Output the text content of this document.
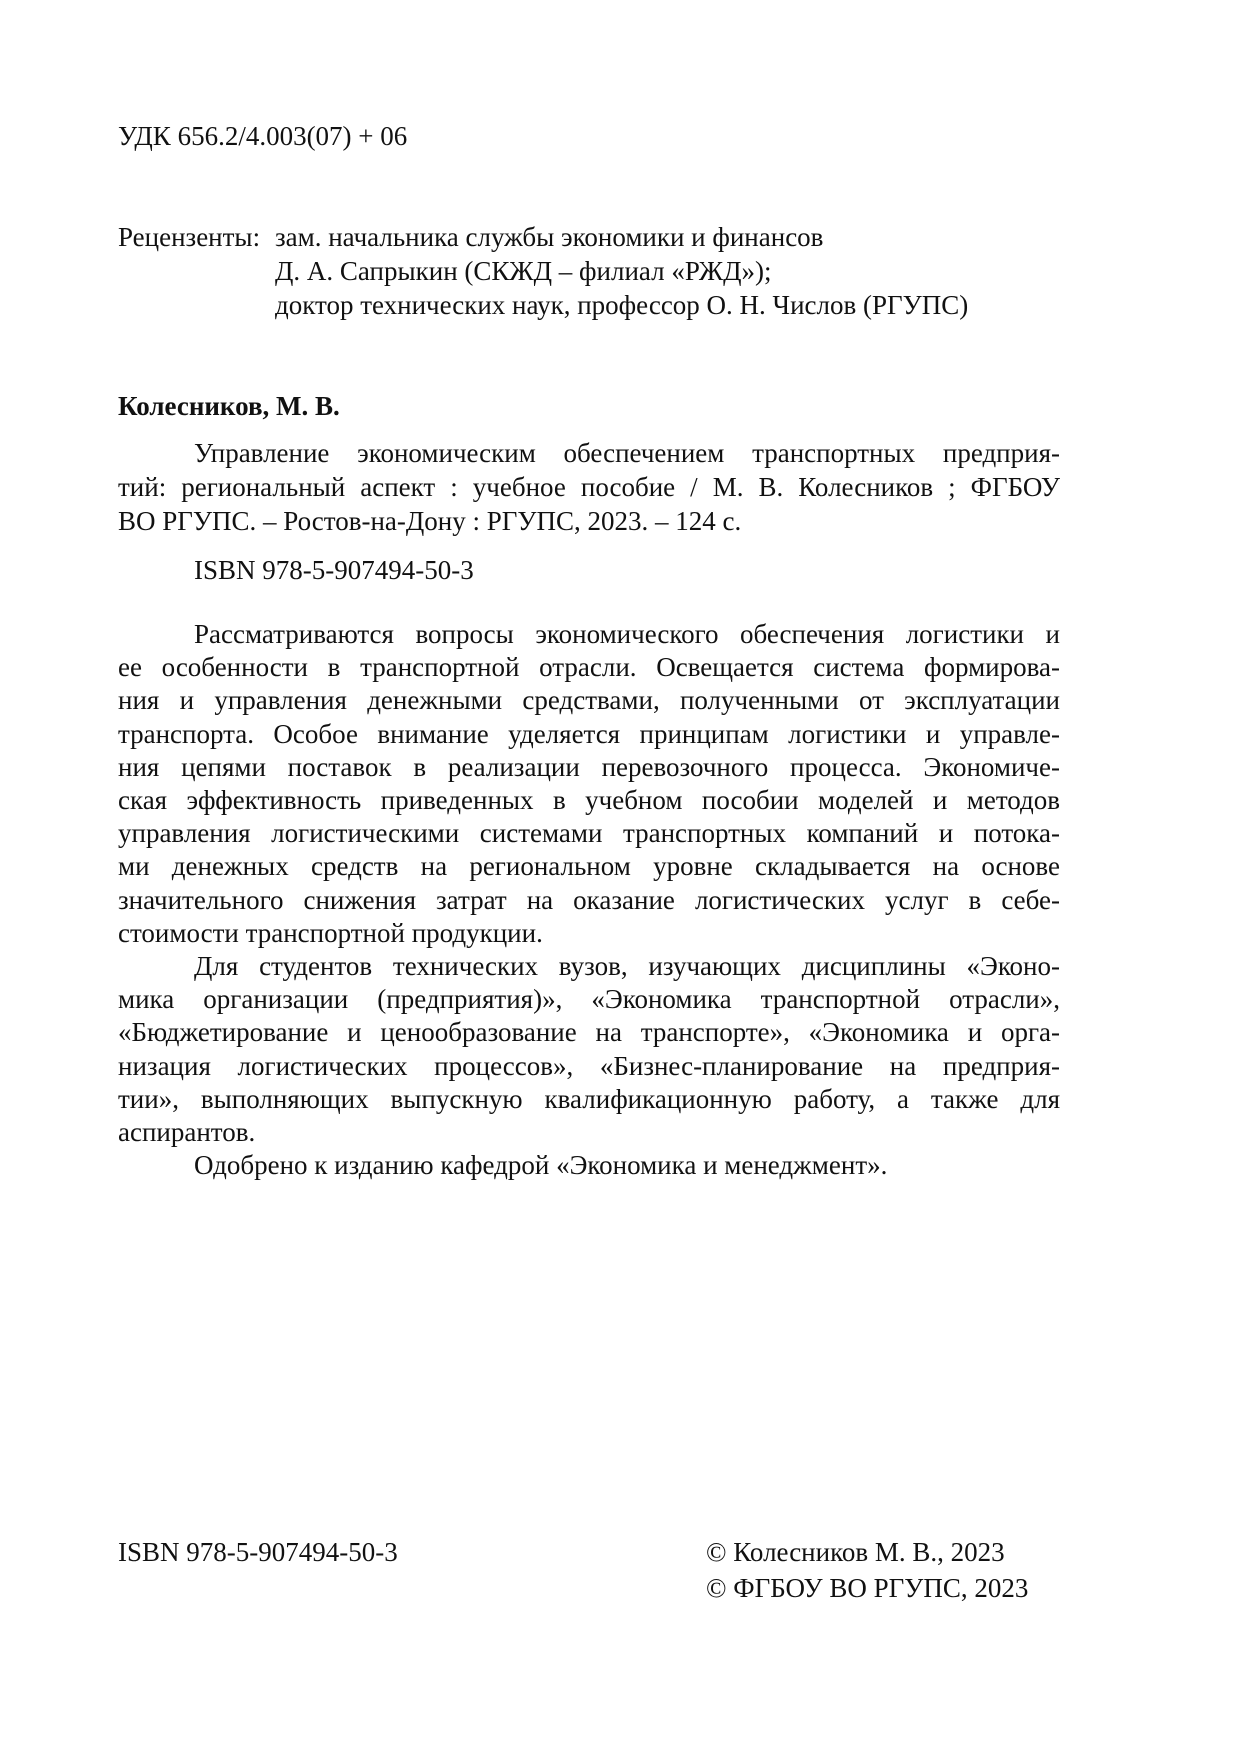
УДК 656.2/4.003(07) + 06
Рецензенты: зам. начальника службы экономики и финансов
Д. А. Сапрыкин (СКЖД – филиал «РЖД»);
доктор технических наук, профессор О. Н. Числов (РГУПС)
Колесников, М. В.
Управление экономическим обеспечением транспортных предприя-
тий: региональный аспект : учебное пособие / М. В. Колесников ; ФГБОУ
ВО РГУПС. – Ростов-на-Дону : РГУПС, 2023. – 124 с.
ISBN 978-5-907494-50-3
Рассматриваются вопросы экономического обеспечения логистики и
ее особенности в транспортной отрасли. Освещается система формирова-
ния и управления денежными средствами, полученными от эксплуатации
транспорта. Особое внимание уделяется принципам логистики и управле-
ния цепями поставок в реализации перевозочного процесса. Экономиче-
ская эффективность приведенных в учебном пособии моделей и методов
управления логистическими системами транспортных компаний и потока-
ми денежных средств на региональном уровне складывается на основе
значительного снижения затрат на оказание логистических услуг в себе-
стоимости транспортной продукции.
Для студентов технических вузов, изучающих дисциплины «Эконо-
мика организации (предприятия)», «Экономика транспортной отрасли»,
«Бюджетирование и ценообразование на транспорте», «Экономика и орга-
низация логистических процессов», «Бизнес-планирование на предприя-
тии», выполняющих выпускную квалификационную работу, а также для
аспирантов.
Одобрено к изданию кафедрой «Экономика и менеджмент».
ISBN 978-5-907494-50-3	© Колесников М. В., 2023
© ФГБОУ ВО РГУПС, 2023
